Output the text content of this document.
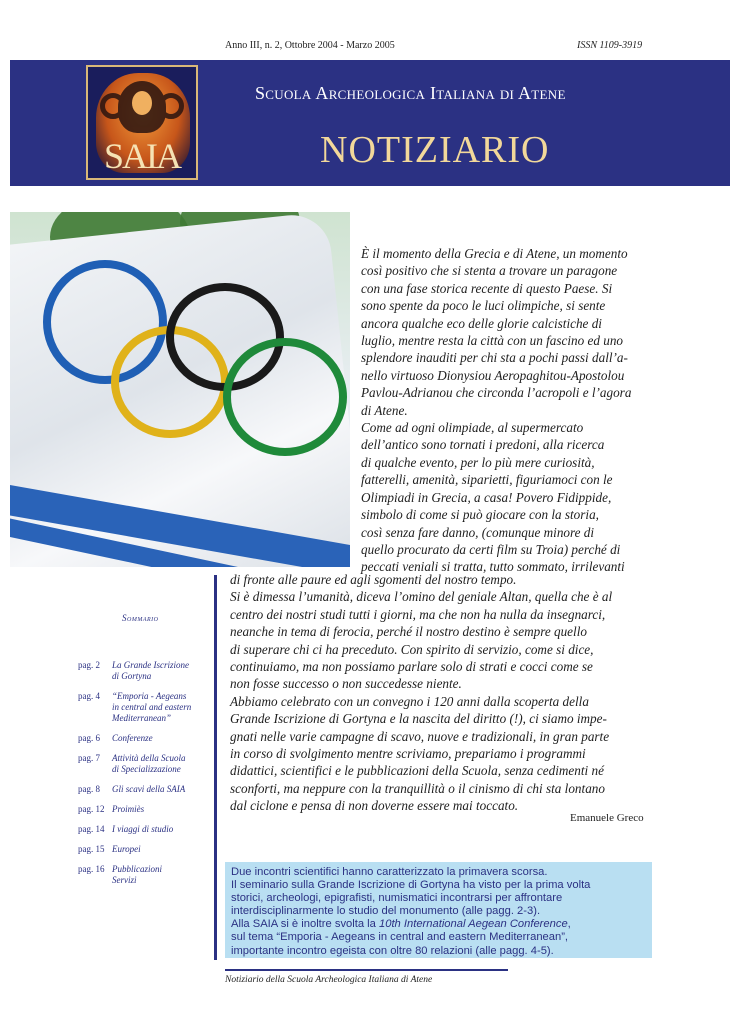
Anno III, n. 2, Ottobre 2004 - Marzo 2005	ISSN 1109-3919
SAIA
Scuola Archeologica Italiana di Atene
NOTIZIARIO
È il momento della Grecia e di Atene, un momento
così positivo che si stenta a trovare un paragone
con una fase storica recente di questo Paese. Si
sono spente da poco le luci olimpiche, si sente
ancora qualche eco delle glorie calcistiche di
luglio, mentre resta la città con un fascino ed uno
splendore inauditi per chi sta a pochi passi dall’a-
nello virtuoso Dionysiou Aeropaghitou-Apostolou
Pavlou-Adrianou che circonda l’acropoli e l’agora
di Atene.
Come ad ogni olimpiade, al supermercato
dell’antico sono tornati i predoni, alla ricerca
di qualche evento, per lo più mere curiosità,
fatterelli, amenità, siparietti, figuriamoci con le
Olimpiadi in Grecia, a casa! Povero Fidippide,
simbolo di come si può giocare con la storia,
così senza fare danno, (comunque minore di
quello procurato da certi film su Troia) perché di
peccati veniali si tratta, tutto sommato, irrilevanti
di fronte alle paure ed agli sgomenti del nostro tempo.
Si è dimessa l’umanità, diceva l’omino del geniale Altan, quella che è al
centro dei nostri studi tutti i giorni, ma che non ha nulla da insegnarci,
neanche in tema di ferocia, perché il nostro destino è sempre quello
di superare chi ci ha preceduto. Con spirito di servizio, come si dice,
continuiamo, ma non possiamo parlare solo di strati e cocci come se
non fosse successo o non succedesse niente.
Abbiamo celebrato con un convegno i 120 anni dalla scoperta della
Grande Iscrizione di Gortyna e la nascita del diritto (!), ci siamo impe-
gnati nelle varie campagne di scavo, nuove e tradizionali, in gran parte
in corso di svolgimento mentre scriviamo, prepariamo i programmi
didattici, scientifici e le pubblicazioni della Scuola, senza cedimenti né
sconforti, ma neppure con la tranquillità o il cinismo di chi sta lontano
dal ciclone e pensa di non doverne essere mai toccato.
Emanuele Greco
Sommario
pag. 2	La Grande Iscrizione
di Gortyna
pag. 4	“Emporia - Aegeans
in central and eastern
Mediterranean”
pag. 6	Conferenze
pag. 7	Attività della Scuola
di Specializzazione
pag. 8	Gli scavi della SAIA
pag. 12 Proimiès
pag. 14 I viaggi di studio
pag. 15 Europei
pag. 16 Pubblicazioni
Servizi
Due incontri scientifici hanno caratterizzato la primavera scorsa.
Il seminario sulla Grande Iscrizione di Gortyna ha visto per la prima volta
storici, archeologi, epigrafisti, numismatici incontrarsi per affrontare
interdisciplinarmente lo studio del monumento (alle pagg. 2-3).
Alla SAIA si è inoltre svolta la 10th International Aegean Conference,
sul tema “Emporia - Aegeans in central and eastern Mediterranean”,
importante incontro egeista con oltre 80 relazioni (alle pagg. 4-5).
Notiziario della Scuola Archeologica Italiana di Atene
